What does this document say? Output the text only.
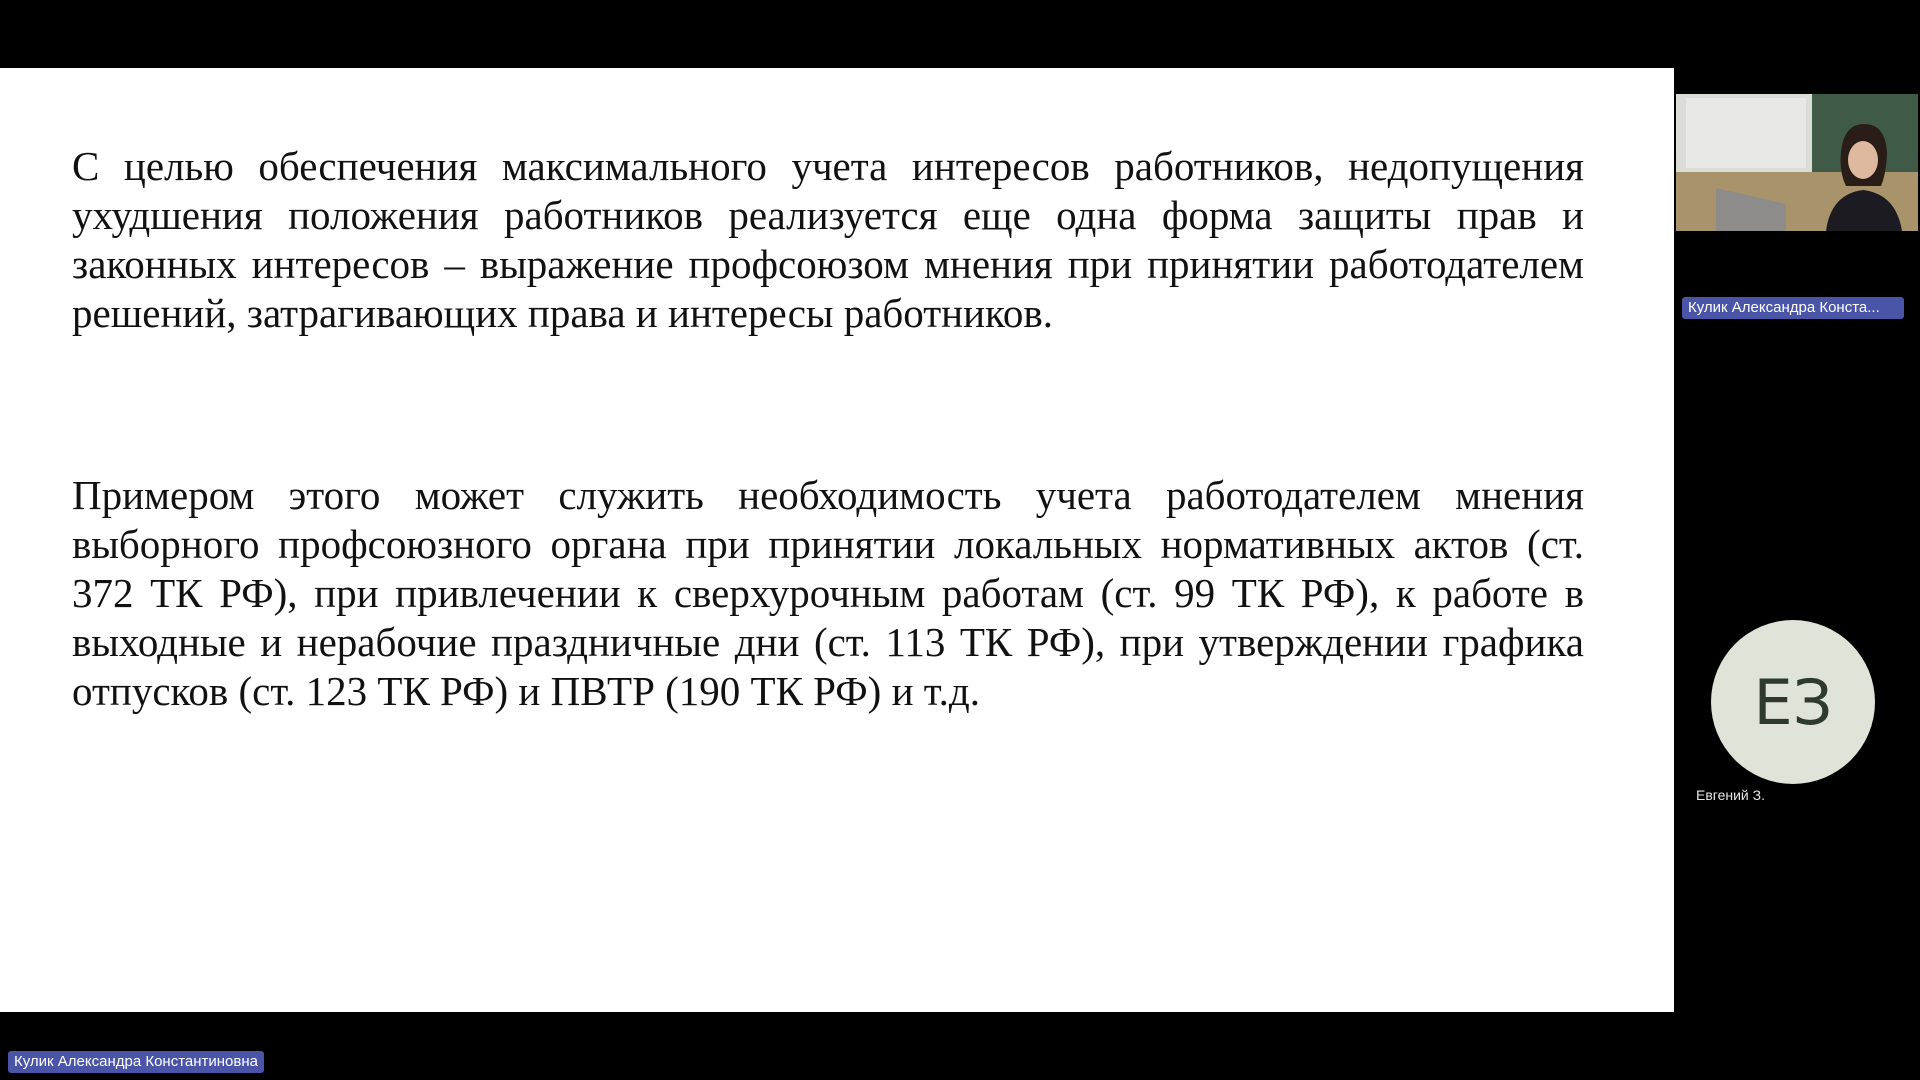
С целью обеспечения максимального учета интересов работников, недопущения ухудшения положения работников реализуется еще одна форма защиты прав и законных интересов – выражение профсоюзом мнения при принятии работодателем решений, затрагивающих права и интересы работников.

Примером этого может служить необходимость учета работодателем мнения выборного профсоюзного органа при принятии локальных нормативных актов (ст. 372 ТК РФ), при привлечении к сверхурочным работам (ст. 99 ТК РФ), к работе в выходные и нерабочие праздничные дни (ст. 113 ТК РФ), при утверждении графика отпусков (ст. 123 ТК РФ) и ПВТР (190 ТК РФ) и т.д.

Кулик Александра Конста...
ЕЗ
Евгений З.
Кулик Александра Константиновна
